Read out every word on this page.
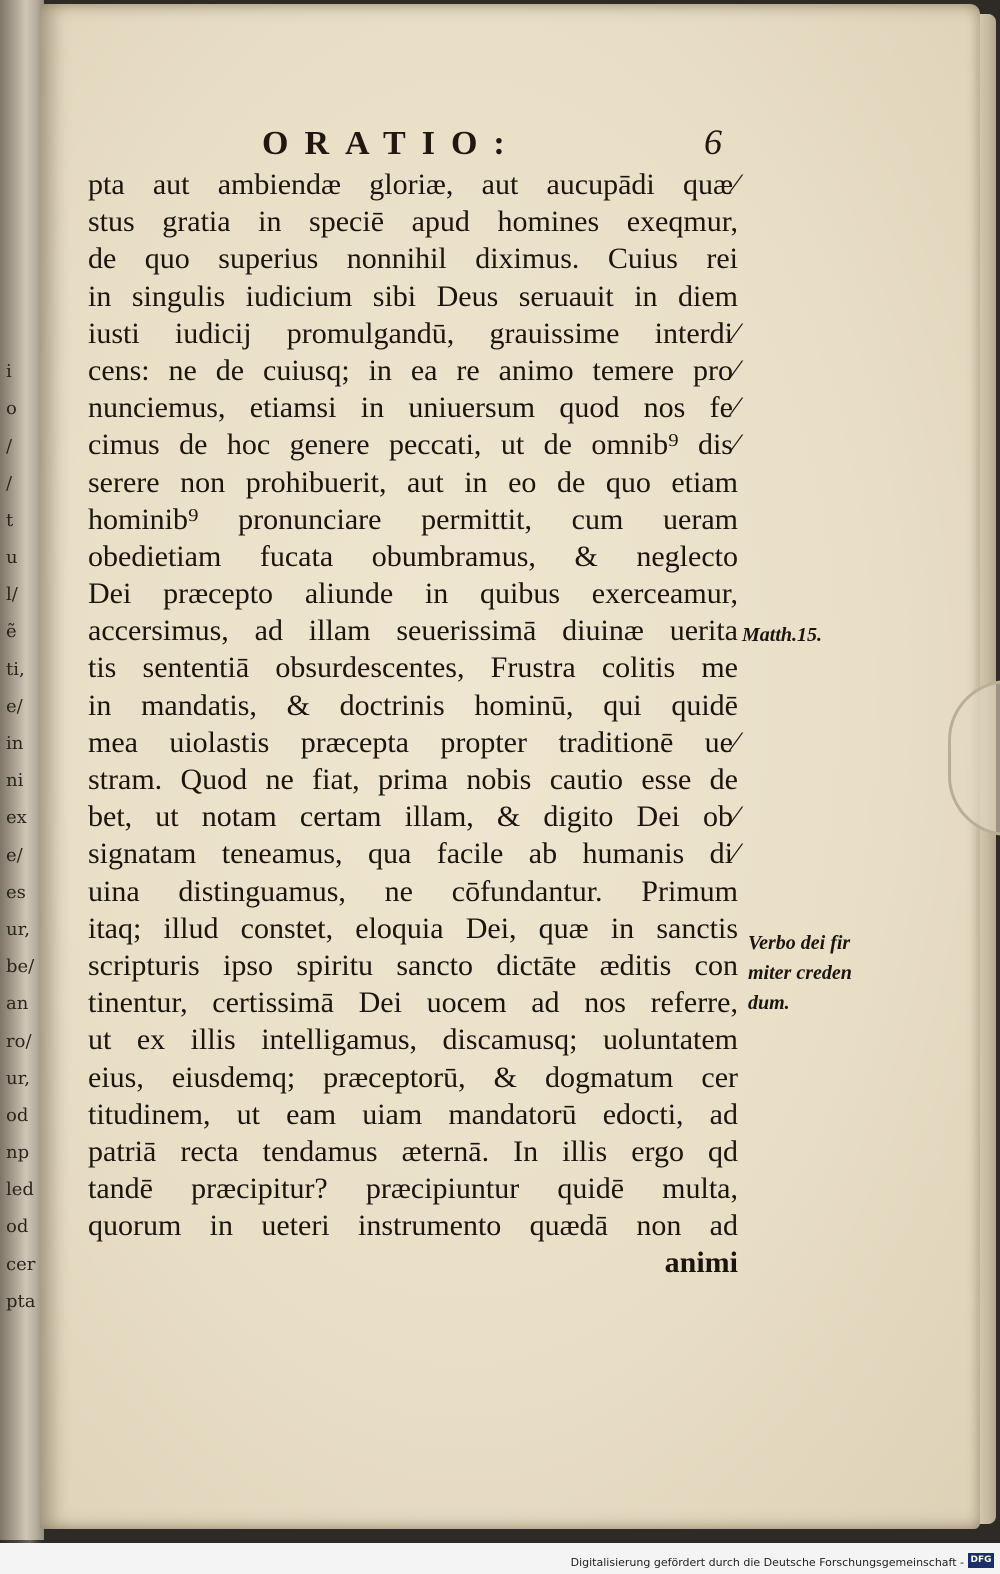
i
o
/
/
t
u
l/
ẽ
ti,
e/
in
ni
ex
e/
es
ur,
be/
an
ro/
ur,
od
np
led
od
cer
pta
ORATIO:	6
pta aut ambiendæ gloriæ, aut aucupādi quæ⁄
stus gratia in speciē apud homines exeqmur,
de quo superius nonnihil diximus. Cuius rei
in singulis iudicium sibi Deus seruauit in diem
iusti iudicij promulgandū, grauissime interdi⁄
cens: ne de cuiusq; in ea re animo temere pro⁄
nunciemus, etiamsi in uniuersum quod nos fe⁄
cimus de hoc genere peccati, ut de omnib⁹ dis⁄
serere non prohibuerit, aut in eo de quo etiam
hominib⁹ pronunciare permittit, cum ueram
obedietiam fucata obumbramus, & neglecto
Dei præcepto aliunde in quibus exerceamur,
accersimus, ad illam seuerissimā diuinæ uerita
tis sententiā obsurdescentes, Frustra colitis me
in mandatis, & doctrinis hominū, qui quidē
mea uiolastis præcepta propter traditionē ue⁄
stram. Quod ne fiat, prima nobis cautio esse de
bet, ut notam certam illam, & digito Dei ob⁄
signatam teneamus, qua facile ab humanis di⁄
uina distinguamus, ne cōfundantur. Primum
itaq; illud constet, eloquia Dei, quæ in sanctis
scripturis ipso spiritu sancto dictāte æditis con
tinentur, certissimā Dei uocem ad nos referre,
ut ex illis intelligamus, discamusq; uoluntatem
eius, eiusdemq; præceptorū, & dogmatum cer
titudinem, ut eam uiam mandatorū edocti, ad
patriā recta tendamus æternā. In illis ergo qd
tandē præcipitur? præcipiuntur quidē multa,
quorum in ueteri instrumento quædā non ad
animi
Matth.15.
Verbo dei fir
miter creden
dum.
Digitalisierung gefördert durch die Deutsche Forschungsgemeinschaft - DFG
